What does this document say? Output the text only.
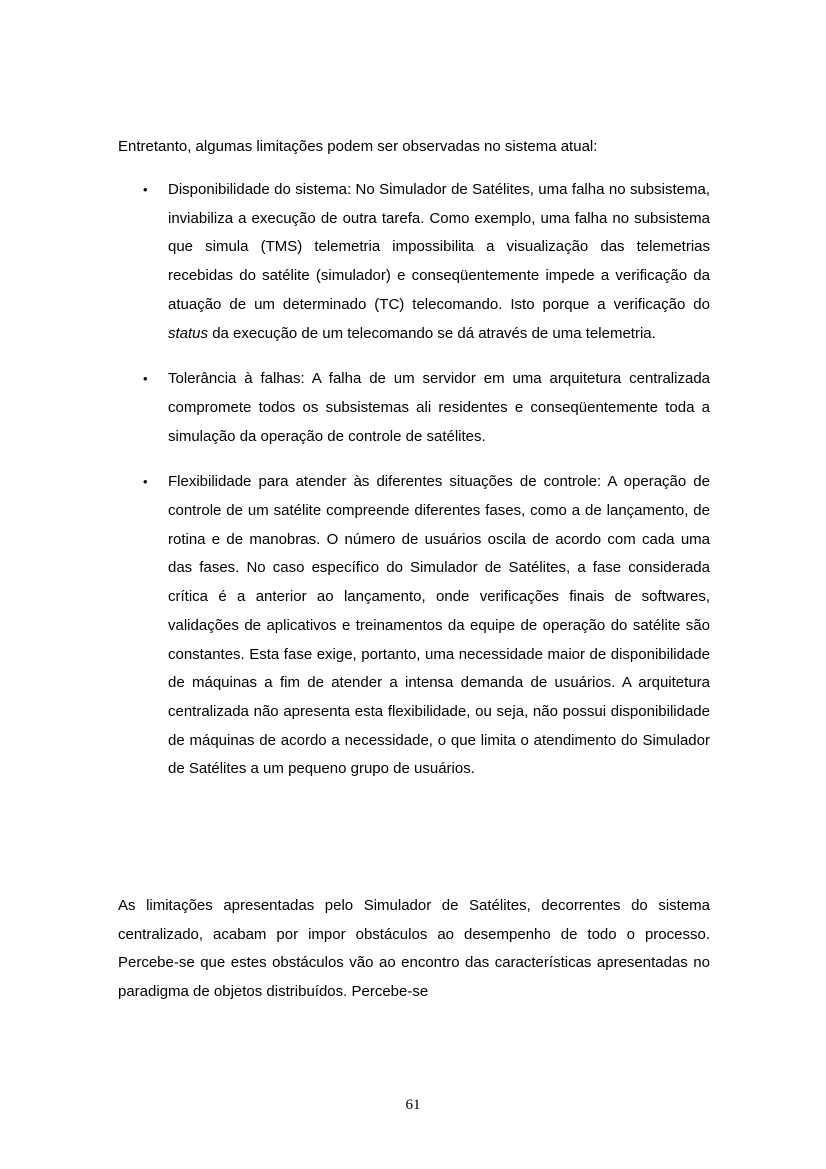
Entretanto, algumas limitações podem ser observadas no sistema atual:

• Disponibilidade do sistema: No Simulador de Satélites, uma falha no subsistema, inviabiliza a execução de outra tarefa. Como exemplo, uma falha no subsistema que simula (TMS) telemetria impossibilita a visualização das telemetrias recebidas do satélite (simulador) e conseqüentemente impede a verificação da atuação de um determinado (TC) telecomando. Isto porque a verificação do status da execução de um telecomando se dá através de uma telemetria.
• Tolerância à falhas: A falha de um servidor em uma arquitetura centralizada compromete todos os subsistemas ali residentes e conseqüentemente toda a simulação da operação de controle de satélites.
• Flexibilidade para atender às diferentes situações de controle: A operação de controle de um satélite compreende diferentes fases, como a de lançamento, de rotina e de manobras. O número de usuários oscila de acordo com cada uma das fases. No caso específico do Simulador de Satélites, a fase considerada crítica é a anterior ao lançamento, onde verificações finais de softwares, validações de aplicativos e treinamentos da equipe de operação do satélite são constantes. Esta fase exige, portanto, uma necessidade maior de disponibilidade de máquinas a fim de atender a intensa demanda de usuários. A arquitetura centralizada não apresenta esta flexibilidade, ou seja, não possui disponibilidade de máquinas de acordo a necessidade, o que limita o atendimento do Simulador de Satélites a um pequeno grupo de usuários.

As limitações apresentadas pelo Simulador de Satélites, decorrentes do sistema centralizado, acabam por impor obstáculos ao desempenho de todo o processo. Percebe-se que estes obstáculos vão ao encontro das características apresentadas no paradigma de objetos distribuídos. Percebe-se

61
